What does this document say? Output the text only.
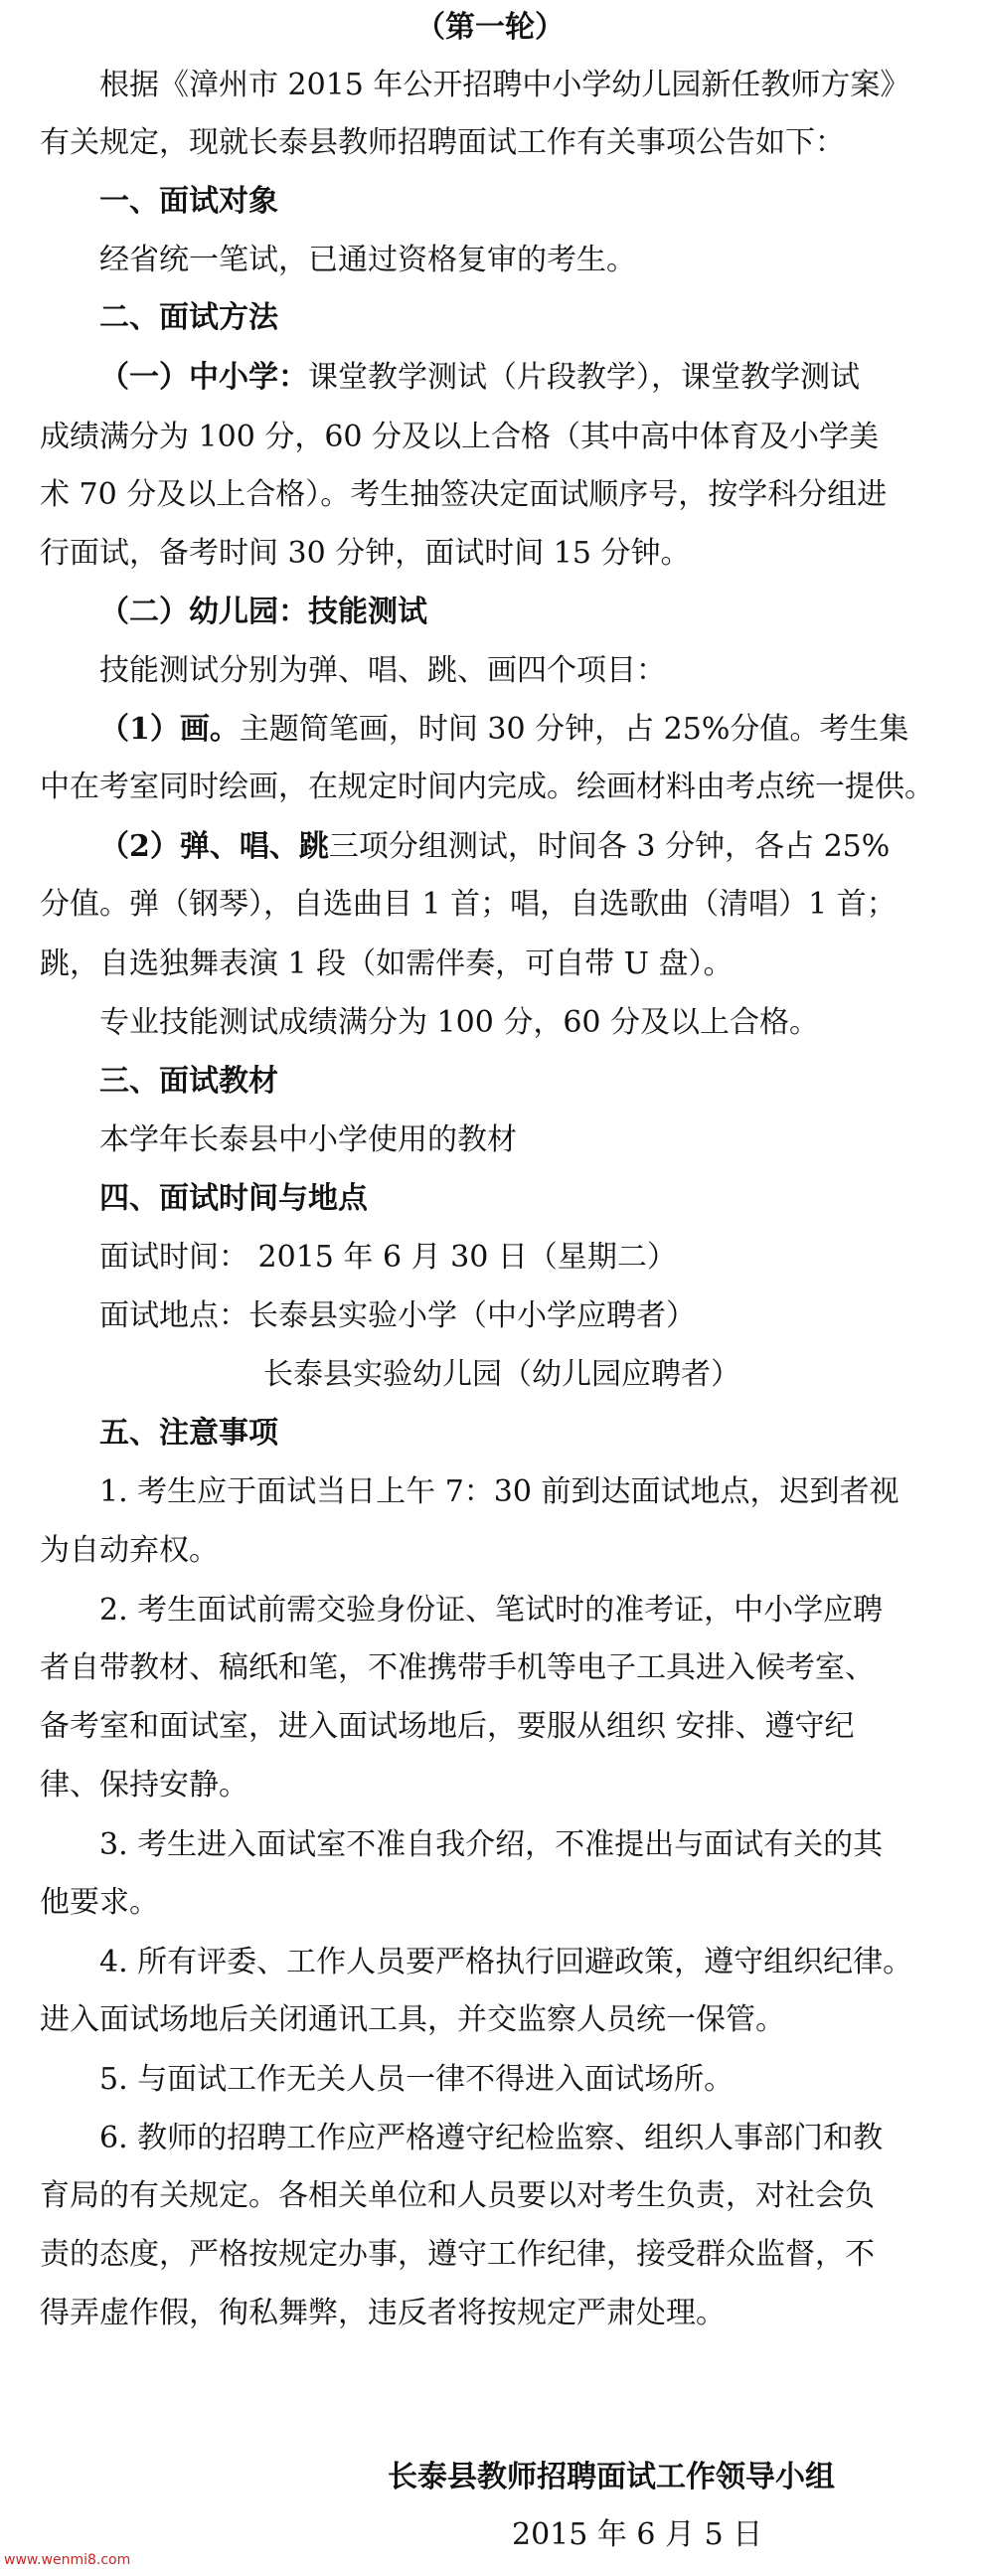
（第一轮）
根据《漳州市 2015 年公开招聘中小学幼儿园新任教师方案》
有关规定，现就长泰县教师招聘面试工作有关事项公告如下：
一、面试对象
经省统一笔试，已通过资格复审的考生。
二、面试方法
（一）中小学：课堂教学测试（片段教学），课堂教学测试
成绩满分为 100 分，60 分及以上合格（其中高中体育及小学美
术 70 分及以上合格）。考生抽签决定面试顺序号，按学科分组进
行面试，备考时间 30 分钟，面试时间 15 分钟。
（二）幼儿园：技能测试
技能测试分别为弹、唱、跳、画四个项目：
（1）画。主题简笔画，时间 30 分钟，占 25%分值。考生集
中在考室同时绘画，在规定时间内完成。绘画材料由考点统一提供。
（2）弹、唱、跳三项分组测试，时间各 3 分钟，各占 25%
分值。弹（钢琴），自选曲目 1 首；唱，自选歌曲（清唱）1 首；
跳，自选独舞表演 1 段（如需伴奏，可自带 U 盘）。
专业技能测试成绩满分为 100 分，60 分及以上合格。
三、面试教材
本学年长泰县中小学使用的教材
四、面试时间与地点
面试时间： 2015 年 6 月 30 日（星期二）
面试地点：长泰县实验小学（中小学应聘者）
长泰县实验幼儿园（幼儿园应聘者）
五、注意事项
1. 考生应于面试当日上午 7：30 前到达面试地点，迟到者视
为自动弃权。
2. 考生面试前需交验身份证、笔试时的准考证，中小学应聘
者自带教材、稿纸和笔，不准携带手机等电子工具进入候考室、
备考室和面试室，进入面试场地后，要服从组织 安排、遵守纪
律、保持安静。
3. 考生进入面试室不准自我介绍，不准提出与面试有关的其
他要求。
4. 所有评委、工作人员要严格执行回避政策，遵守组织纪律。
进入面试场地后关闭通讯工具，并交监察人员统一保管。
5. 与面试工作无关人员一律不得进入面试场所。
6. 教师的招聘工作应严格遵守纪检监察、组织人事部门和教
育局的有关规定。各相关单位和人员要以对考生负责，对社会负
责的态度，严格按规定办事，遵守工作纪律，接受群众监督，不
得弄虚作假，徇私舞弊，违反者将按规定严肃处理。
长泰县教师招聘面试工作领导小组
2015 年 6 月 5 日
www.wenmi8.com
